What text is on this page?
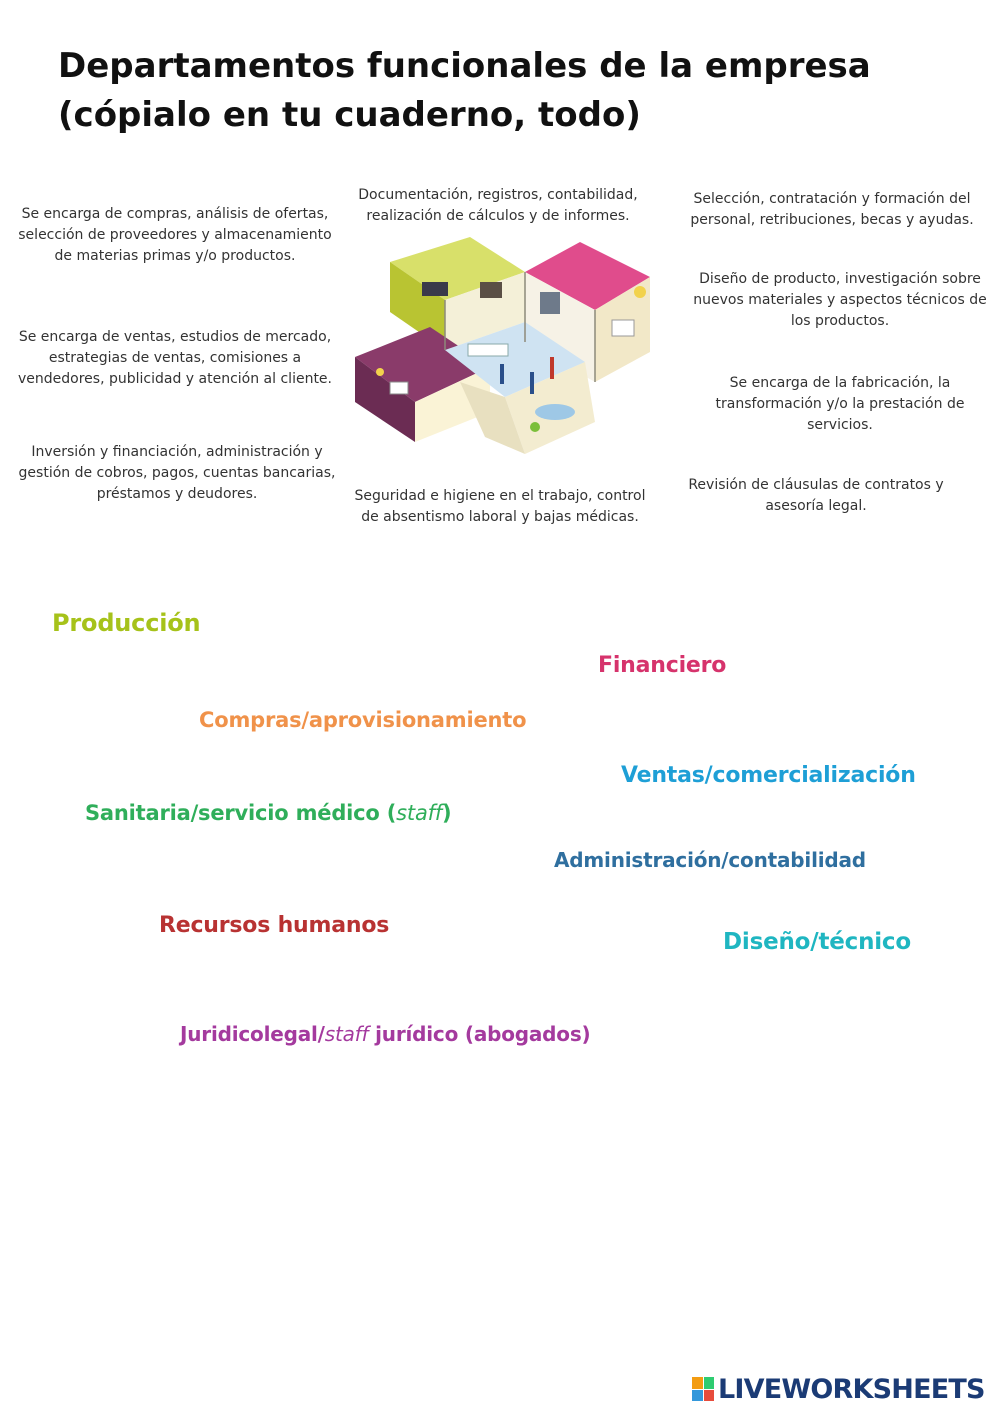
Departamentos funcionales de la empresa
(cópialo en tu cuaderno, todo)
Se encarga de compras, análisis de ofertas, selección de proveedores y almacenamiento de materias primas y/o productos.
Se encarga de ventas, estudios de mercado, estrategias de ventas, comisiones a vendedores, publicidad y atención al cliente.
Inversión y financiación, administración y gestión de cobros, pagos, cuentas bancarias, préstamos y deudores.
Documentación, registros, contabilidad, realización de cálculos y de informes.
Seguridad e higiene en el trabajo, control de absentismo laboral y bajas médicas.
Selección, contratación y formación del personal, retribuciones, becas y ayudas.
Diseño de producto, investigación sobre nuevos materiales y aspectos técnicos de los productos.
Se encarga de la fabricación, la transformación y/o la prestación de servicios.
Revisión de cláusulas de contratos y asesoría legal.
Producción
Financiero
Compras/aprovisionamiento
Ventas/comercialización
Sanitaria/servicio médico (staff)
Administración/contabilidad
Recursos humanos
Diseño/técnico
Juridicolegal/staff jurídico (abogados)
LIVEWORKSHEETS
